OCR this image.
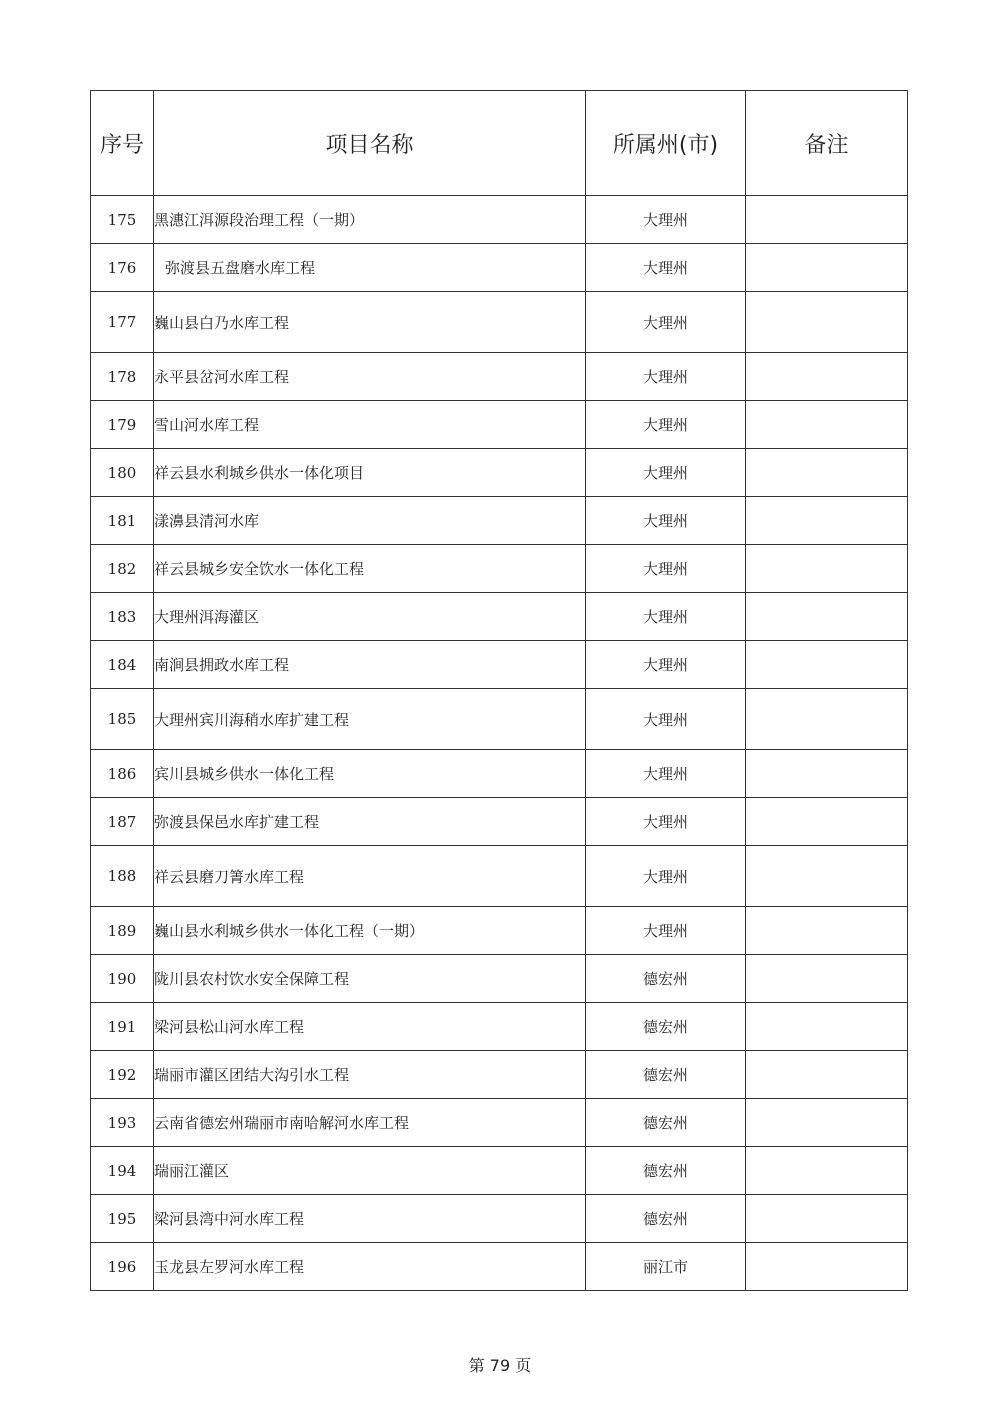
序号	项目名称	所属州(市)	备注
175	黑潓江洱源段治理工程（一期）	大理州	
176	弥渡县五盘磨水库工程	大理州	
177	巍山县白乃水库工程	大理州	
178	永平县岔河水库工程	大理州	
179	雪山河水库工程	大理州	
180	祥云县水利城乡供水一体化项目	大理州	
181	漾濞县清河水库	大理州	
182	祥云县城乡安全饮水一体化工程	大理州	
183	大理州洱海灌区	大理州	
184	南涧县拥政水库工程	大理州	
185	大理州宾川海稍水库扩建工程	大理州	
186	宾川县城乡供水一体化工程	大理州	
187	弥渡县保邑水库扩建工程	大理州	
188	祥云县磨刀箐水库工程	大理州	
189	巍山县水利城乡供水一体化工程（一期）	大理州	
190	陇川县农村饮水安全保障工程	德宏州	
191	梁河县松山河水库工程	德宏州	
192	瑞丽市灌区团结大沟引水工程	德宏州	
193	云南省德宏州瑞丽市南哈解河水库工程	德宏州	
194	瑞丽江灌区	德宏州	
195	梁河县湾中河水库工程	德宏州	
196	玉龙县左罗河水库工程	丽江市	
第 79 页
